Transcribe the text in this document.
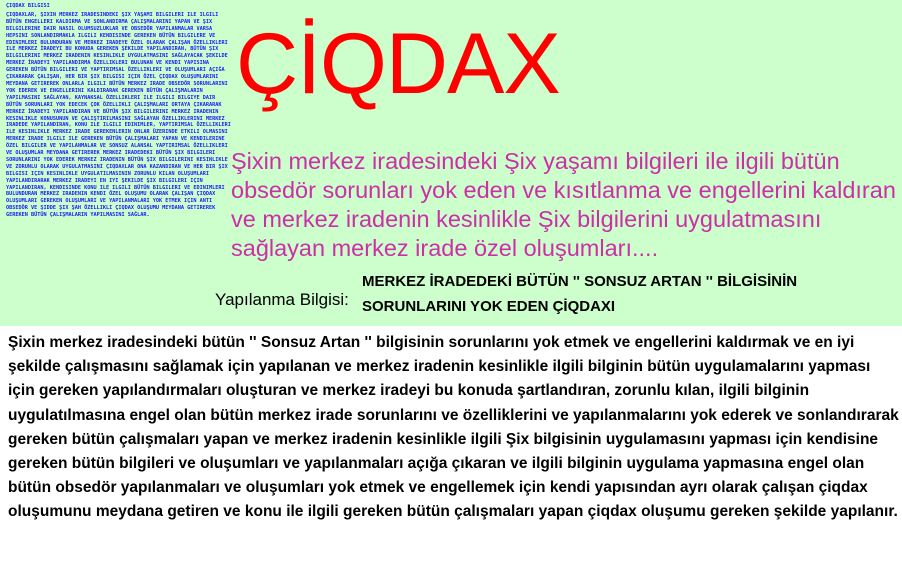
ÇIQDAX BILGISI
ÇIQDAXLAR, ŞIXIN MERKEZ IRADESINDEKI ŞIX YAŞAMI BILGILERI ILE ILGILI BÜTÜN ENGELLERI KALDIRMA VE SONLANDIRMA ÇALIŞMALARINI YAPAN VE ŞIX BILGILERINE DAIR NASIL OLUMSUZLUKLAR VE OBSEDÖR YAPILANMALAR VARSA HEPSINI SONLANDIRMAKLA ILGILI KENDISINDE GEREKEN BÜTÜN BILGILERE VE EDINIMLERI BULUNDURAN VE MERKEZ IRADEYE ÖZEL OLARAK ÇALIŞAN ÖZELLIKLERI ILE MERKEZ İRADEYI BU KONUDA GEREKEN ŞEKILDE YAPILANDIRAN, BÜTÜN ŞIX BILGILERINI MERKEZ IRADENIN KESINLIKLE UYGULATMASINI SAĞLAYACAK ŞEKILDE MERKEZ İRADEYI YAPILANDIRMA ÖZELLIKLERI BULUNAN VE KENDI YAPISINA GEREKEN BÜTÜN BILGILERI VE YAPTIRIMSAL ÖZELLIKLERI VE OLUŞUMLARI AÇIĞA ÇIKARARAK ÇALIŞAN, HER BIR ŞIX BILGISI IÇIN ÖZEL ÇIQDAX OLUŞUMLARINI MEYDANA GETIREREK ONLARLA ILGILI BÜTÜN MERKEZ IRADE OBSEDÖR SORUNLARINI YOK EDEREK VE ENGELLERINI KALDIRARAK GEREKEN BÜTÜN ÇALIŞMALARIN YAPILMASINI SAĞLAYAN, KAYNAKSAL ÖZELLIKLERI ILE ILGILI BILGIYE DAIR BÜTÜN SORUNLARI YOK EDECEK ÇOK ÖZELLIKLI ÇALIŞMALARI ORTAYA ÇIKARARAK MERKEZ İRADEYI YAPILANDIRAN VE BÜTÜN ŞIX BILGILERINI MERKEZ IRADENIN KESINLIKLE KONUSUNUN VE ÇALIŞTIRILMASINI SAĞLAYAN ÖZELLIKLERINI MERKEZ IRADEDE YAPILANDIRAN, KONU ILE ILGILI EDINIMLER, YAPTIRIMSAL ÖZELLIKLERI ILE KESINLIKLE MERKEZ IRADE GEREKENLERIN ONLAR ÜZERINDE ETKILI OLMASINI MERKEZ IRADE ILGILI ILE GEREKEN BÜTÜN ÇALIŞMALARI YAPAN VE KENDILERINE ÖZEL BILGILER VE YAPILANMALAR VE SONSUZ ALANSAL YAPTIRIMSAL ÖZELLIKLERI VE OLUŞUMLAR MEYDANA GETIREREK MERKEZ IRADEDEKI BÜTÜN ŞIX BILGILERI SORUNLARINI YOK EDEREK MERKEZ IRADENIN BÜTÜN ŞIX BILGILERINI KESINLIKLE VE ZORUNLU OLARAK UYGULATMASINI ÇIQDAXLAR ONA KAZANDIRAN VE HER BIR ŞIX BILGISI IÇIN KESINLIKLE UYGULATILMASININ ZORUNLU KILAN OLUŞUMLARI YAPILANDIRARAK MERKEZ IRADEYI EN IYI ŞEKILDE ŞIX BILGILERI IÇIN YAPILANDIRAN, KENDISINDE KONU ILE ILGILI BÜTÜN BILGILERI VE EDINIMLERI BULUNDURAN MERKEZ IRADENIN KENDI ÖZEL OLUŞUMU OLARAK ÇALIŞAN ÇIQDAX OLUŞUMLARI GEREKEN OLUŞUMLARI VE YAPILANMALARI YOK ETMEK IÇIN ANTI OBSEDÖR VE ŞIDDE ŞIX ŞAH ÖZELLIKLI ÇIQDAX OLUŞUMU MEYDANA GETIREREK GEREKEN BÜTÜN ÇALIŞMALARIN YAPILMASINI SAĞLAR.
ÇİQDAX
Şixin merkez iradesindeki Şix yaşamı bilgileri ile ilgili bütün obsedör sorunları yok eden ve kısıtlanma ve engellerini kaldıran ve merkez iradenin kesinlikle Şix bilgilerini uygulatmasını sağlayan merkez irade özel oluşumları....
Yapılanma Bilgisi:
MERKEZ İRADEDEKİ BÜTÜN '' SONSUZ ARTAN '' BİLGİSİNİN SORUNLARINI YOK EDEN ÇİQDAXI
Şixin merkez iradesindeki bütün '' Sonsuz Artan '' bilgisinin sorunlarını yok etmek ve engellerini kaldırmak ve en iyi şekilde çalışmasını sağlamak için yapılanan ve merkez iradenin kesinlikle ilgili bilginin bütün uygulamalarını yapması için gereken yapılandırmaları oluşturan ve merkez iradeyi bu konuda şartlandıran, zorunlu kılan, ilgili bilginin uygulatılmasına engel olan bütün merkez irade sorunlarını ve özelliklerini ve yapılanmalarını yok ederek ve sonlandırarak gereken bütün çalışmaları yapan ve merkez iradenin kesinlikle ilgili Şix bilgisinin uygulamasını yapması için kendisine gereken bütün bilgileri ve oluşumları ve yapılanmaları açığa çıkaran ve ilgili bilginin uygulama yapmasına engel olan bütün obsedör yapılanmaları ve oluşumları yok etmek ve engellemek için kendi yapısından ayrı olarak çalışan çiqdax oluşumunu meydana getiren ve konu ile ilgili gereken bütün çalışmaları yapan çiqdax oluşumu gereken şekilde yapılanır.
